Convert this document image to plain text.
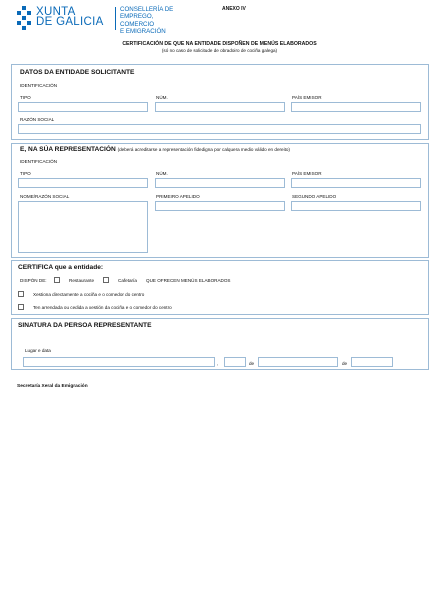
XUNTA
DE GALICIA
CONSELLERÍA DE
EMPREGO, COMERCIO
E EMIGRACIÓN
ANEXO IV
CERTIFICACIÓN DE QUE NA ENTIDADE DISPOÑEN DE MENÚS ELABORADOS
(só no caso de solicitude de obradoiro de cociña galega)
DATOS DA ENTIDADE SOLICITANTE
IDENTIFICACIÓN
TIPO	NÚM.	PAÍS EMISOR
RAZÓN SOCIAL
E, NA SÚA REPRESENTACIÓN (deberá acreditarse a representación fidedigna por calquera medio válido en dereito)
IDENTIFICACIÓN
TIPO	NÚM.	PAÍS EMISOR
NOME/RAZÓN SOCIAL	PRIMEIRO APELIDO	SEGUNDO APELIDO
CERTIFICA que a entidade:
DISPÓN DE:	Restaurante	Cafetaría QUE OFRECEN MENÚS ELABORADOS
Xestiona directamente a cociña e o comedor do centro
Ten arrendada ou cedida a xestión da cociña e o comedor do centro
SINATURA DA PERSOA REPRESENTANTE
Lugar e data
,	de	de
Secretaría Xeral da Emigración
